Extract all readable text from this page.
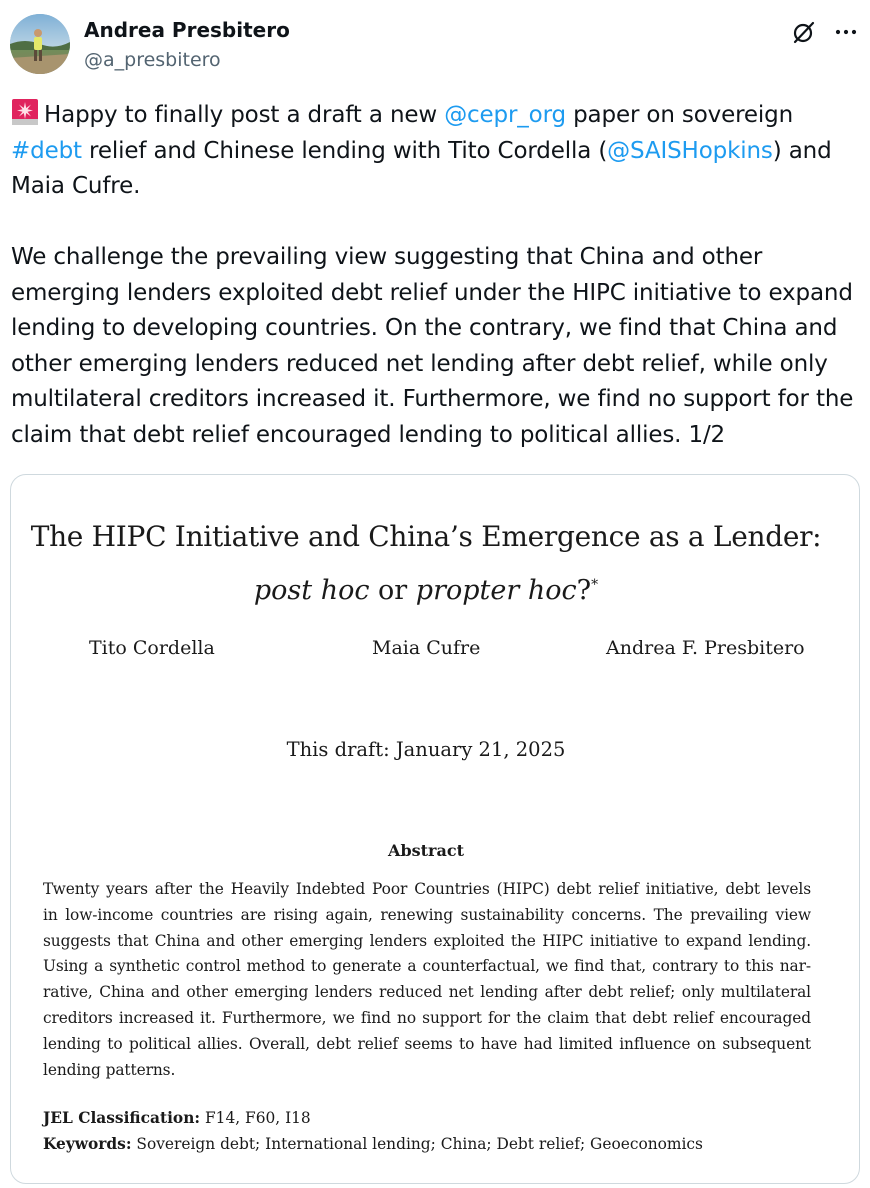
Andrea Presbitero
@a_presbitero

Happy to finally post a draft a new @cepr_org paper on sovereign #debt relief and Chinese lending with Tito Cordella (@SAISHopkins) and Maia Cufre.

We challenge the prevailing view suggesting that China and other emerging lenders exploited debt relief under the HIPC initiative to expand lending to developing countries. On the contrary, we find that China and other emerging lenders reduced net lending after debt relief, while only multilateral creditors increased it. Furthermore, we find no support for the claim that debt relief encouraged lending to political allies. 1/2

The HIPC Initiative and China’s Emergence as a Lender:
post hoc or propter hoc?*
Tito Cordella	Maia Cufre	Andrea F. Presbitero
This draft: January 21, 2025
Abstract
Twenty years after the Heavily Indebted Poor Countries (HIPC) debt relief initiative, debt levels
in low-income countries are rising again, renewing sustainability concerns. The prevailing view
suggests that China and other emerging lenders exploited the HIPC initiative to expand lending.
Using a synthetic control method to generate a counterfactual, we find that, contrary to this nar-
rative, China and other emerging lenders reduced net lending after debt relief; only multilateral
creditors increased it. Furthermore, we find no support for the claim that debt relief encouraged
lending to political allies. Overall, debt relief seems to have had limited influence on subsequent
lending patterns.
JEL Classification: F14, F60, I18
Keywords: Sovereign debt; International lending; China; Debt relief; Geoeconomics
